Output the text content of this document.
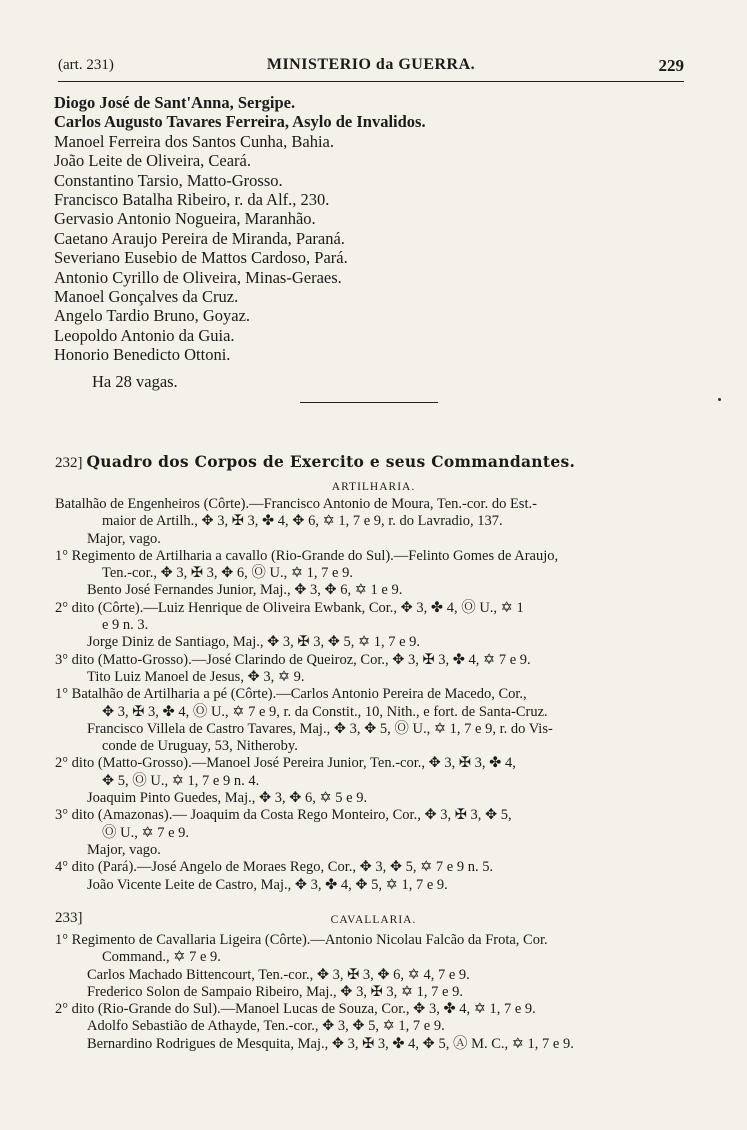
(art. 231)	MINISTERIO da GUERRA.	229
Diogo José de Sant'Anna, Sergipe.
Carlos Augusto Tavares Ferreira, Asylo de Invalidos.
Manoel Ferreira dos Santos Cunha, Bahia.
João Leite de Oliveira, Ceará.
Constantino Tarsio, Matto-Grosso.
Francisco Batalha Ribeiro, r. da Alf., 230.
Gervasio Antonio Nogueira, Maranhão.
Caetano Araujo Pereira de Miranda, Paraná.
Severiano Eusebio de Mattos Cardoso, Pará.
Antonio Cyrillo de Oliveira, Minas-Geraes.
Manoel Gonçalves da Cruz.
Angelo Tardio Bruno, Goyaz.
Leopoldo Antonio da Guia.
Honorio Benedicto Ottoni.
Ha 28 vagas.
232] Quadro dos Corpos de Exercito e seus Commandantes.
ARTILHARIA.
Batalhão de Engenheiros (Côrte).—Francisco Antonio de Moura, Ten.-cor. do Est.-
maior de Artilh., ✥ 3, ✠ 3, ✤ 4, ✥ 6, ✡ 1, 7 e 9, r. do Lavradio, 137.
Major, vago.
1° Regimento de Artilharia a cavallo (Rio-Grande do Sul).—Felinto Gomes de Araujo,
Ten.-cor., ✥ 3, ✠ 3, ✥ 6, Ⓞ U., ✡ 1, 7 e 9.
Bento José Fernandes Junior, Maj., ✥ 3, ✥ 6, ✡ 1 e 9.
2° dito (Côrte).—Luiz Henrique de Oliveira Ewbank, Cor., ✥ 3, ✤ 4, Ⓞ U., ✡ 1
e 9 n. 3.
Jorge Diniz de Santiago, Maj., ✥ 3, ✠ 3, ✥ 5, ✡ 1, 7 e 9.
3° dito (Matto-Grosso).—José Clarindo de Queiroz, Cor., ✥ 3, ✠ 3, ✤ 4, ✡ 7 e 9.
Tito Luiz Manoel de Jesus, ✥ 3, ✡ 9.
1° Batalhão de Artilharia a pé (Côrte).—Carlos Antonio Pereira de Macedo, Cor.,
✥ 3, ✠ 3, ✤ 4, Ⓞ U., ✡ 7 e 9, r. da Constit., 10, Nith., e fort. de Santa-Cruz.
Francisco Villela de Castro Tavares, Maj., ✥ 3, ✥ 5, Ⓞ U., ✡ 1, 7 e 9, r. do Vis-
conde de Uruguay, 53, Nitheroby.
2° dito (Matto-Grosso).—Manoel José Pereira Junior, Ten.-cor., ✥ 3, ✠ 3, ✤ 4,
✥ 5, Ⓞ U., ✡ 1, 7 e 9 n. 4.
Joaquim Pinto Guedes, Maj., ✥ 3, ✥ 6, ✡ 5 e 9.
3° dito (Amazonas).— Joaquim da Costa Rego Monteiro, Cor., ✥ 3, ✠ 3, ✥ 5,
Ⓞ U., ✡ 7 e 9.
Major, vago.
4° dito (Pará).—José Angelo de Moraes Rego, Cor., ✥ 3, ✥ 5, ✡ 7 e 9 n. 5.
João Vicente Leite de Castro, Maj., ✥ 3, ✤ 4, ✥ 5, ✡ 1, 7 e 9.
233]	CAVALLARIA.
1° Regimento de Cavallaria Ligeira (Côrte).—Antonio Nicolau Falcão da Frota, Cor.
Command., ✡ 7 e 9.
Carlos Machado Bittencourt, Ten.-cor., ✥ 3, ✠ 3, ✥ 6, ✡ 4, 7 e 9.
Frederico Solon de Sampaio Ribeiro, Maj., ✥ 3, ✠ 3, ✡ 1, 7 e 9.
2° dito (Rio-Grande do Sul).—Manoel Lucas de Souza, Cor., ✥ 3, ✤ 4, ✡ 1, 7 e 9.
Adolfo Sebastião de Athayde, Ten.-cor., ✥ 3, ✥ 5, ✡ 1, 7 e 9.
Bernardino Rodrigues de Mesquita, Maj., ✥ 3, ✠ 3, ✤ 4, ✥ 5, Ⓐ M. C., ✡ 1, 7 e 9.
